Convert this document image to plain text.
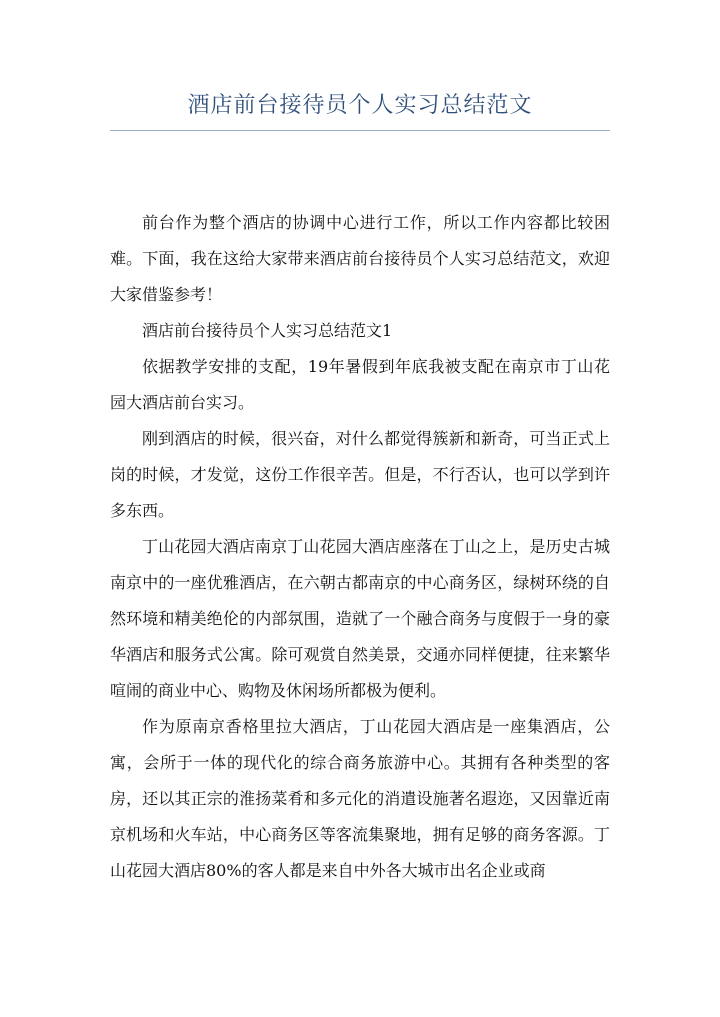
酒店前台接待员个人实习总结范文

前台作为整个酒店的协调中心进行工作，所以工作内容都比较困难。下面，我在这给大家带来酒店前台接待员个人实习总结范文，欢迎大家借鉴参考！

酒店前台接待员个人实习总结范文1

依据教学安排的支配，19年暑假到年底我被支配在南京市丁山花园大酒店前台实习。

刚到酒店的时候，很兴奋，对什么都觉得簇新和新奇，可当正式上岗的时候，才发觉，这份工作很辛苦。但是，不行否认，也可以学到许多东西。

丁山花园大酒店南京丁山花园大酒店座落在丁山之上，是历史古城南京中的一座优雅酒店，在六朝古都南京的中心商务区，绿树环绕的自然环境和精美绝伦的内部氛围，造就了一个融合商务与度假于一身的豪华酒店和服务式公寓。除可观赏自然美景，交通亦同样便捷，往来繁华喧闹的商业中心、购物及休闲场所都极为便利。

作为原南京香格里拉大酒店，丁山花园大酒店是一座集酒店，公寓，会所于一体的现代化的综合商务旅游中心。其拥有各种类型的客房，还以其正宗的淮扬菜肴和多元化的消遣设施著名遐迩，又因靠近南京机场和火车站，中心商务区等客流集聚地，拥有足够的商务客源。丁山花园大酒店80%的客人都是来自中外各大城市出名企业或商
